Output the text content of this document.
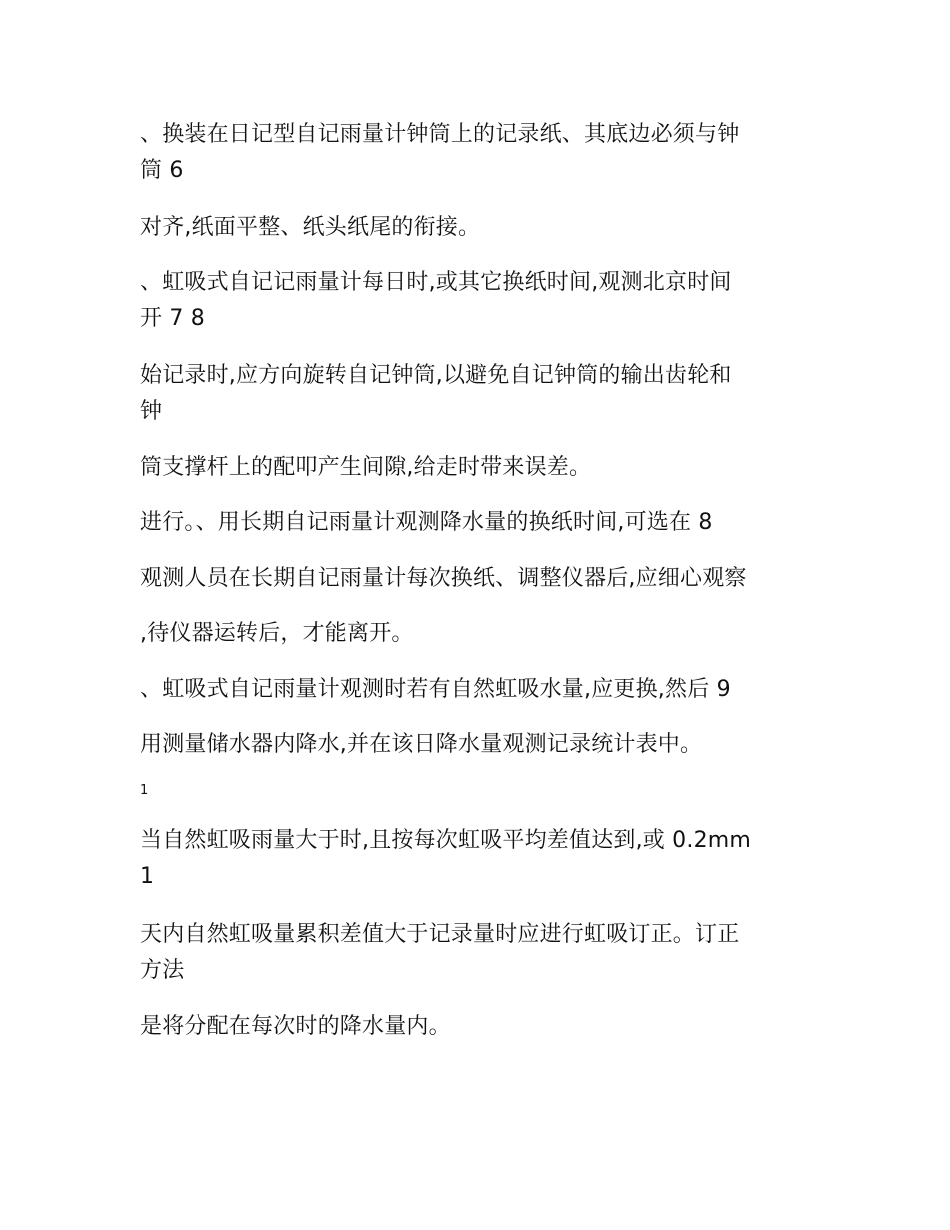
、换装在日记型自记雨量计钟筒上的记录纸、其底边必须与钟
筒 6

对齐,纸面平整、纸头纸尾的衔接。

、虹吸式自记记雨量计每日时,或其它换纸时间,观测北京时间
开 7 8

始记录时,应方向旋转自记钟筒,以避免自记钟筒的输出齿轮和
钟

筒支撑杆上的配叩产生间隙,给走时带来误差。

进行。、用长期自记雨量计观测降水量的换纸时间,可选在 8

观测人员在长期自记雨量计每次换纸、调整仪器后,应细心观察

,待仪器运转后，才能离开。

、虹吸式自记雨量计观测时若有自然虹吸水量,应更换,然后 9

用测量储水器内降水,并在该日降水量观测记录统计表中。

1

当自然虹吸雨量大于时,且按每次虹吸平均差值达到,或 0.2mm
1

天内自然虹吸量累积差值大于记录量时应进行虹吸订正。订正
方法

是将分配在每次时的降水量内。
